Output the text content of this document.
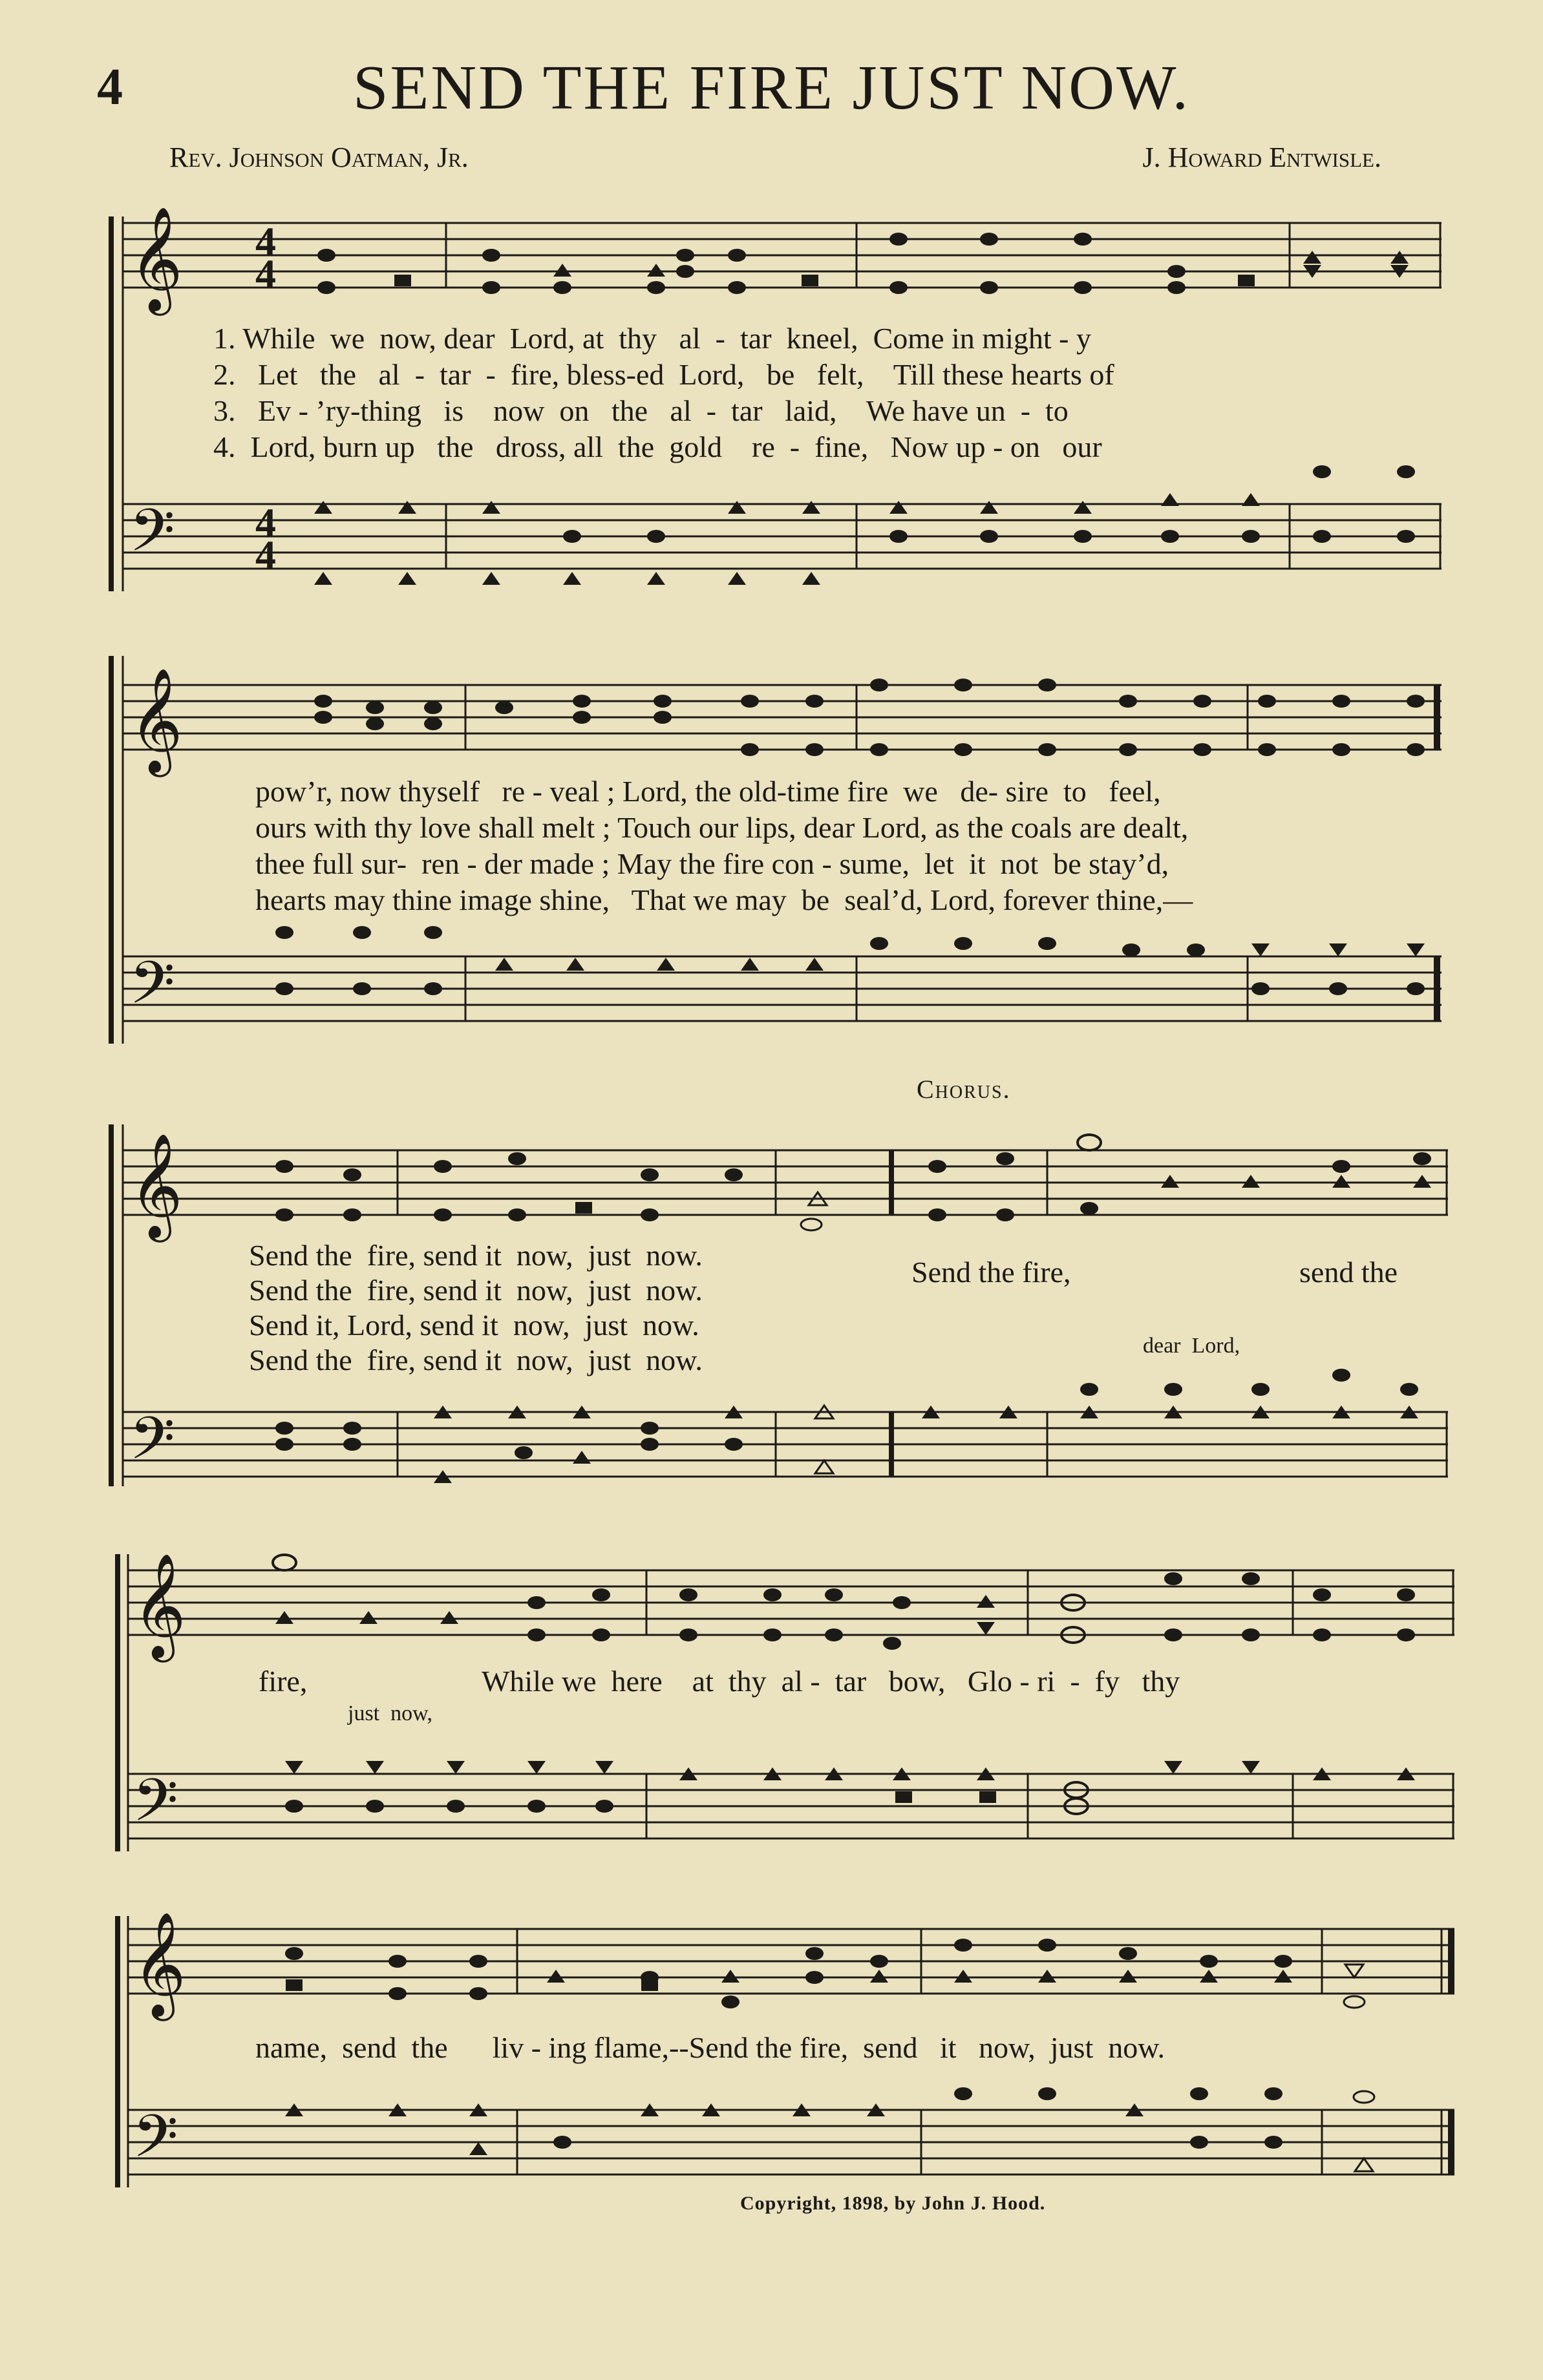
4	SEND THE FIRE JUST NOW.
Rev. Johnson Oatman, Jr.	J. Howard Entwisle.
𝄞
𝄢
4
4
4
4
1. While  we  now, dear  Lord, at  thy   al  -  tar  kneel,  Come in might - y
2.   Let   the   al  -  tar  -  fire, bless-ed  Lord,   be   felt,    Till these hearts of
3.   Ev - ’ry-thing   is    now  on   the   al  -  tar   laid,    We have un  -  to
4.  Lord, burn up   the   dross, all  the  gold    re  -  fine,   Now up - on   our
𝄞
𝄢
pow’r, now thyself   re - veal ; Lord, the old-time fire  we   de- sire  to   feel,
ours with thy love shall melt ; Touch our lips, dear Lord, as the coals are dealt,
thee full sur-  ren - der made ; May the fire con - sume,  let  it  not  be stay’d,
hearts may thine image shine,   That we may  be  seal’d, Lord, forever thine,—
𝄞
𝄢
Chorus.
Send the  fire, send it  now,  just  now.
Send the  fire, send it  now,  just  now.
Send it, Lord, send it  now,  just  now.
Send the  fire, send it  now,  just  now.
Send the fire,	send the
dear  Lord,
𝄞
𝄢
fire,
just  now,
While we  here    at  thy  al -  tar   bow,   Glo - ri  -  fy   thy
𝄞
𝄢
name,  send  the      liv - ing flame,--Send the fire,  send   it   now,  just  now.
Copyright, 1898, by John J. Hood.
